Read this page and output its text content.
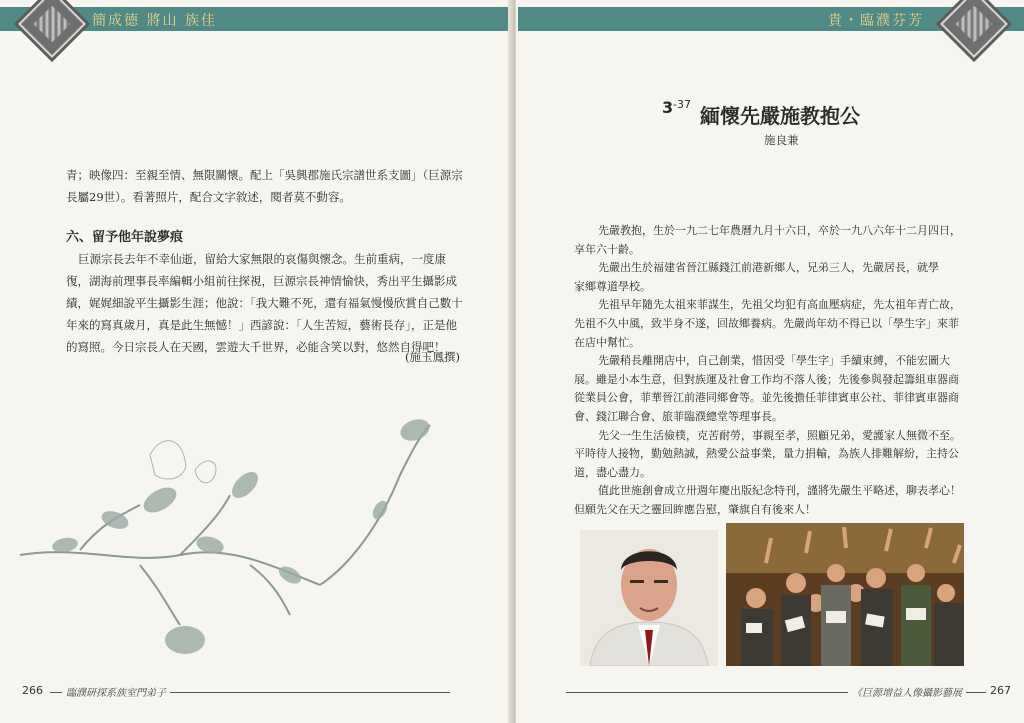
簡成德 將山 族佳
青；映像四：至親至情、無限關懷。配上「吳興郡施氏宗譜世系支圖」（巨源宗
長屬29世）。看著照片，配合文字敘述，閱者莫不動容。
六、留予他年說夢痕
巨源宗長去年不幸仙逝，留給大家無限的哀傷與懷念。生前重病，一度康
復，湖海前理事長率編輯小組前往探視，巨源宗長神情愉快，秀出平生攝影成
績，娓娓細說平生攝影生涯；他說：「我大難不死，還有福氣慢慢欣賞自己數十
年來的寫真歲月，真是此生無憾！」西諺說：「人生苦短，藝術長存」，正是他
的寫照。今日宗長人在天國，雲遊大千世界，必能含笑以對，悠然自得吧！
(施玉鳳撰)
266	臨濮研探系族室門弟子
貴・臨濮芬芳
3 -37 緬懷先嚴施教抱公
施良兼
先嚴教抱，生於一九二七年農曆九月十六日，卒於一九八六年十二月四日，
享年六十齡。
先嚴出生於福建省晉江縣錢江前港新鄉人，兄弟三人，先嚴居長，就學
家鄉尊道學校。
先祖早年隨先太祖來菲謀生，先祖父均犯有高血壓病症，先太祖年青亡故，
先祖不久中風，致半身不遂，回故鄉養病。先嚴尚年幼不得已以「學生字」來菲
在店中幫忙。
先嚴稍長離開店中，自己創業，惜因受「學生字」手續束縛，不能宏圖大
展。雖是小本生意，但對族運及社會工作均不落人後；先後參與發起籌組車器商
從業員公會，菲華晉江前港同鄉會等。並先後擔任菲律賓車公社、菲律賓車器商
會、錢江聯合會、旅菲臨濮總堂等理事長。
先父一生生活儉樸，克苦耐勞，事親至孝，照顧兄弟，愛護家人無微不至。
平時待人接物，勤勉熱誠，熱愛公益事業，量力捐輸，為族人排難解紛，主持公
道，盡心盡力。
值此世施創會成立卅週年慶出版紀念特刊，謹將先嚴生平略述，聊表孝心！
但願先父在天之靈回眸應告慰，肇旗自有後來人！
《巨源增益人像攝影藝展	267
